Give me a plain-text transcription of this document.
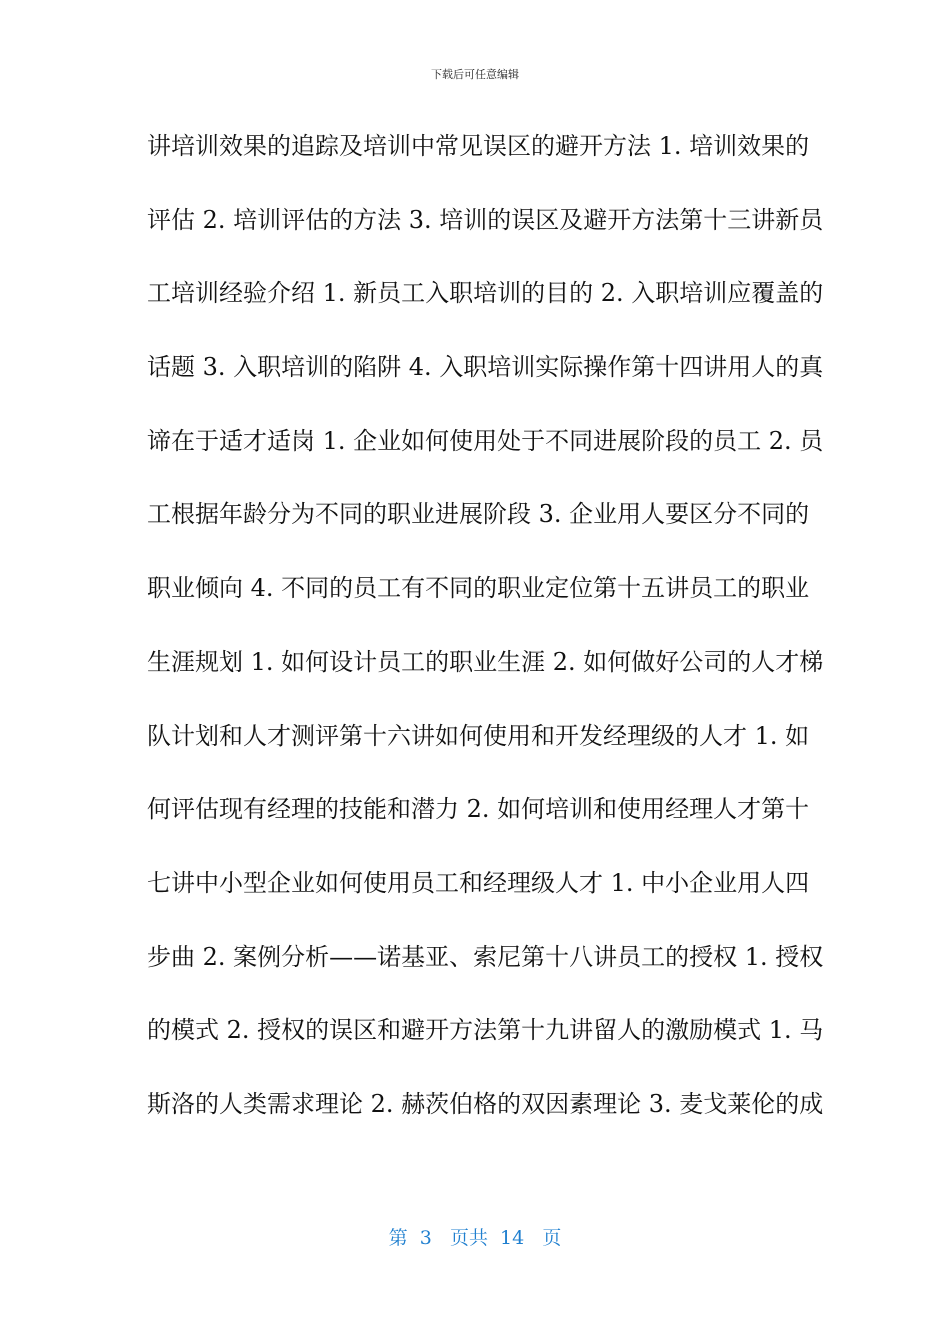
下载后可任意编辑
讲培训效果的追踪及培训中常见误区的避开方法 1. 培训效果的
评估 2. 培训评估的方法 3. 培训的误区及避开方法第十三讲新员
工培训经验介绍 1. 新员工入职培训的目的 2. 入职培训应覆盖的
话题 3. 入职培训的陷阱 4. 入职培训实际操作第十四讲用人的真
谛在于适才适岗 1. 企业如何使用处于不同进展阶段的员工 2. 员
工根据年龄分为不同的职业进展阶段 3. 企业用人要区分不同的
职业倾向 4. 不同的员工有不同的职业定位第十五讲员工的职业
生涯规划 1. 如何设计员工的职业生涯 2. 如何做好公司的人才梯
队计划和人才测评第十六讲如何使用和开发经理级的人才 1. 如
何评估现有经理的技能和潜力 2. 如何培训和使用经理人才第十
七讲中小型企业如何使用员工和经理级人才 1. 中小企业用人四
步曲 2. 案例分析——诺基亚、索尼第十八讲员工的授权 1. 授权
的模式 2. 授权的误区和避开方法第十九讲留人的激励模式 1. 马
斯洛的人类需求理论 2. 赫茨伯格的双因素理论 3. 麦戈莱伦的成
第  3   页共  14   页
